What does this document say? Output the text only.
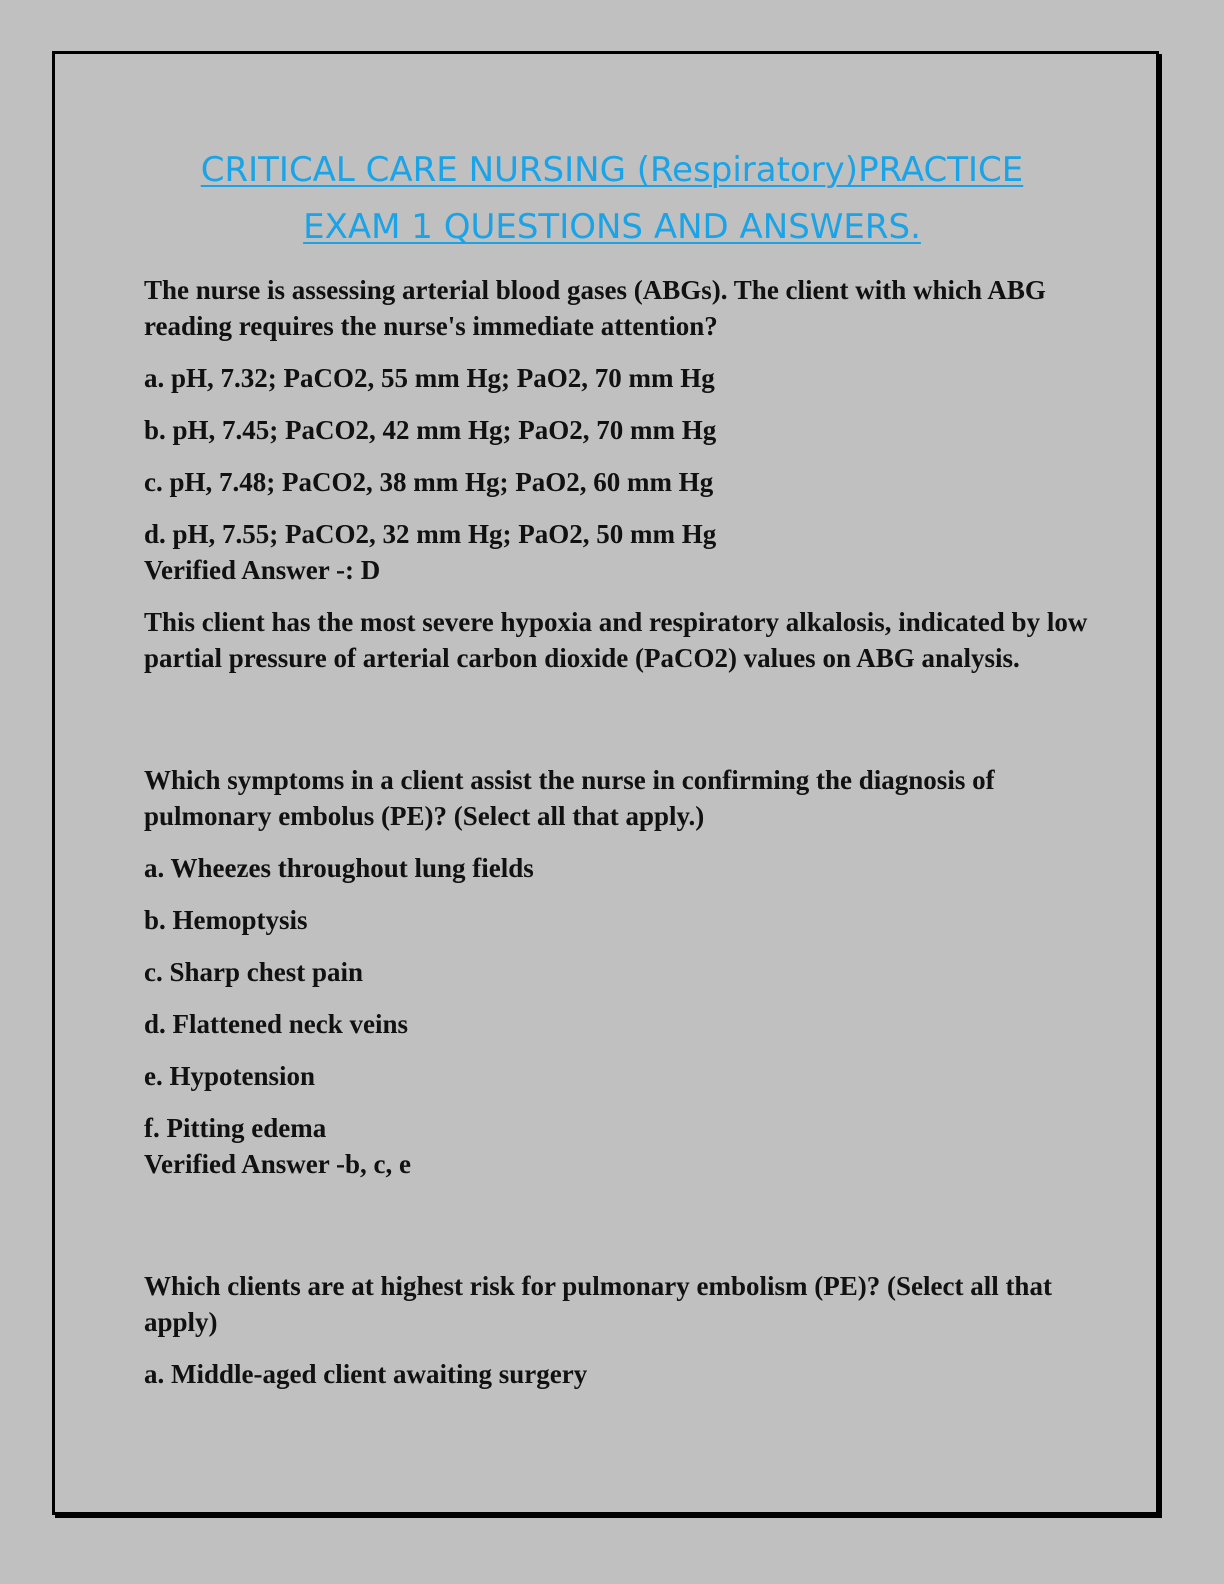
CRITICAL CARE NURSING (Respiratory)PRACTICE
EXAM 1 QUESTIONS AND ANSWERS.

The nurse is assessing arterial blood gases (ABGs). The client with which ABG reading requires the nurse's immediate attention?

a. pH, 7.32; PaCO2, 55 mm Hg; PaO2, 70 mm Hg

b. pH, 7.45; PaCO2, 42 mm Hg; PaO2, 70 mm Hg

c. pH, 7.48; PaCO2, 38 mm Hg; PaO2, 60 mm Hg

d. pH, 7.55; PaCO2, 32 mm Hg; PaO2, 50 mm Hg

Verified Answer -: D

This client has the most severe hypoxia and respiratory alkalosis, indicated by low partial pressure of arterial carbon dioxide (PaCO2) values on ABG analysis.

Which symptoms in a client assist the nurse in confirming the diagnosis of pulmonary embolus (PE)? (Select all that apply.)

a. Wheezes throughout lung fields

b. Hemoptysis

c. Sharp chest pain

d. Flattened neck veins

e. Hypotension

f. Pitting edema

Verified Answer -b, c, e

Which clients are at highest risk for pulmonary embolism (PE)? (Select all that apply)

a. Middle-aged client awaiting surgery
